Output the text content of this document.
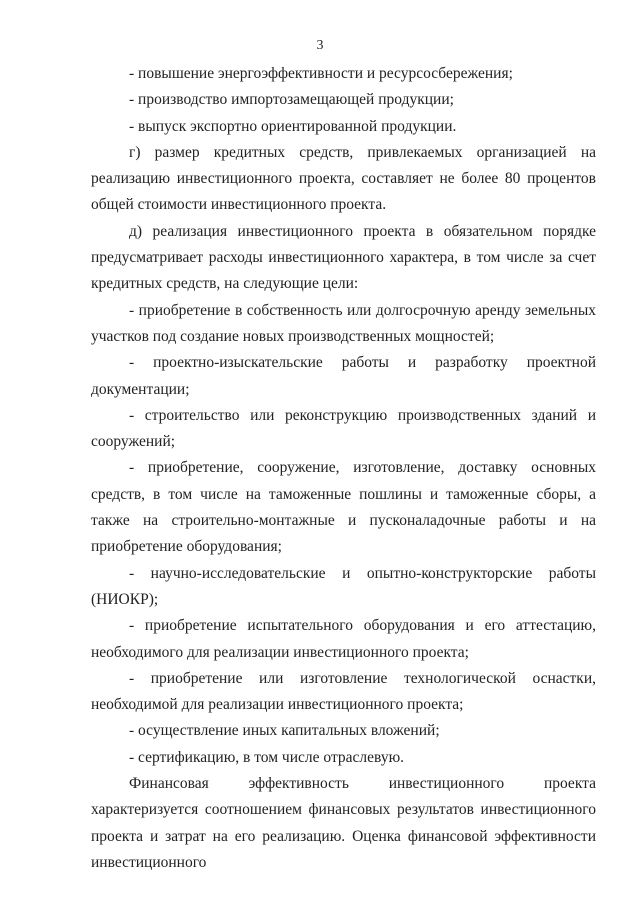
3

- повышение энергоэффективности и ресурсосбережения;

- производство импортозамещающей продукции;

- выпуск экспортно ориентированной продукции.

г) размер кредитных средств, привлекаемых организацией на реализацию инвестиционного проекта, составляет не более 80 процентов общей стоимости инвестиционного проекта.

д) реализация инвестиционного проекта в обязательном порядке предусматривает расходы инвестиционного характера, в том числе за счет кредитных средств, на следующие цели:

- приобретение в собственность или долгосрочную аренду земельных участков под создание новых производственных мощностей;

- проектно-изыскательские работы и разработку проектной документации;

- строительство или реконструкцию производственных зданий и сооружений;

- приобретение, сооружение, изготовление, доставку основных средств, в том числе на таможенные пошлины и таможенные сборы, а также на строительно-монтажные и пусконаладочные работы и на приобретение оборудования;

- научно-исследовательские и опытно-конструкторские работы (НИОКР);

- приобретение испытательного оборудования и его аттестацию, необходимого для реализации инвестиционного проекта;

- приобретение или изготовление технологической оснастки, необходимой для реализации инвестиционного проекта;

- осуществление иных капитальных вложений;

- сертификацию, в том числе отраслевую.

Финансовая эффективность инвестиционного проекта характеризуется соотношением финансовых результатов инвестиционного проекта и затрат на его реализацию. Оценка финансовой эффективности инвестиционного
